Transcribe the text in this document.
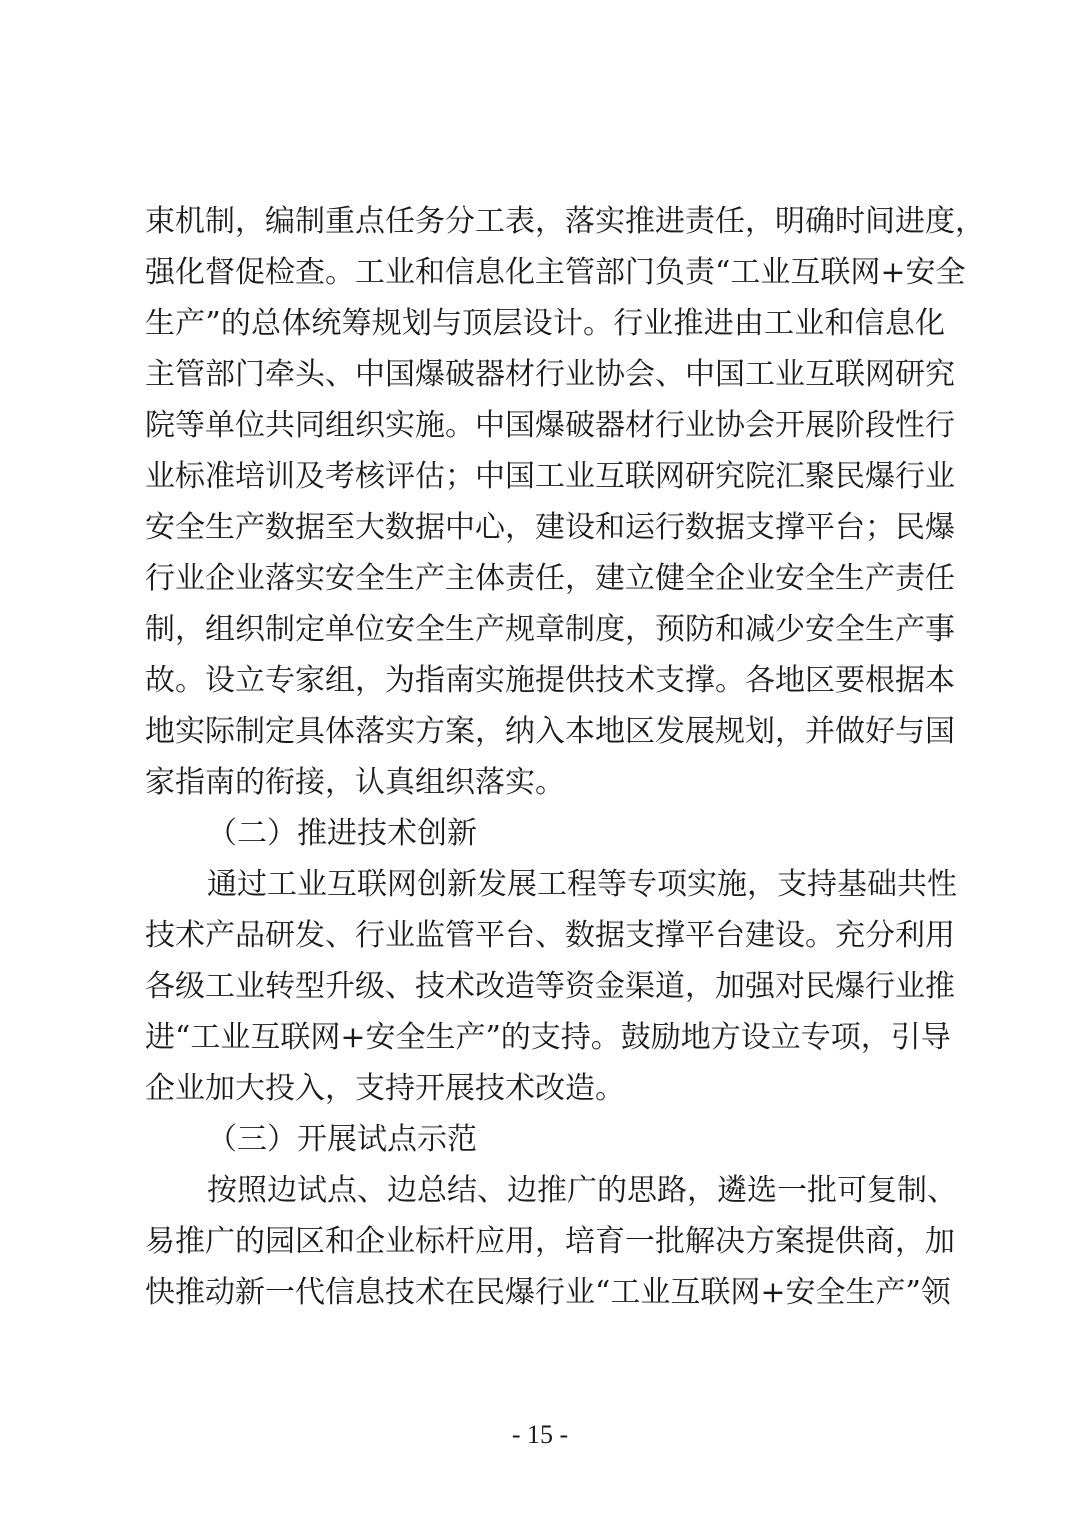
束机制，编制重点任务分工表，落实推进责任，明确时间进度，
强化督促检查。工业和信息化主管部门负责“工业互联网+安全
生产”的总体统筹规划与顶层设计。行业推进由工业和信息化
主管部门牵头、中国爆破器材行业协会、中国工业互联网研究
院等单位共同组织实施。中国爆破器材行业协会开展阶段性行
业标准培训及考核评估；中国工业互联网研究院汇聚民爆行业
安全生产数据至大数据中心，建设和运行数据支撑平台；民爆
行业企业落实安全生产主体责任，建立健全企业安全生产责任
制，组织制定单位安全生产规章制度，预防和减少安全生产事
故。设立专家组，为指南实施提供技术支撑。各地区要根据本
地实际制定具体落实方案，纳入本地区发展规划，并做好与国
家指南的衔接，认真组织落实。
（二）推进技术创新
通过工业互联网创新发展工程等专项实施，支持基础共性
技术产品研发、行业监管平台、数据支撑平台建设。充分利用
各级工业转型升级、技术改造等资金渠道，加强对民爆行业推
进“工业互联网+安全生产”的支持。鼓励地方设立专项，引导
企业加大投入，支持开展技术改造。
（三）开展试点示范
按照边试点、边总结、边推广的思路，遴选一批可复制、
易推广的园区和企业标杆应用，培育一批解决方案提供商，加
快推动新一代信息技术在民爆行业“工业互联网+安全生产”领
- 15 -
